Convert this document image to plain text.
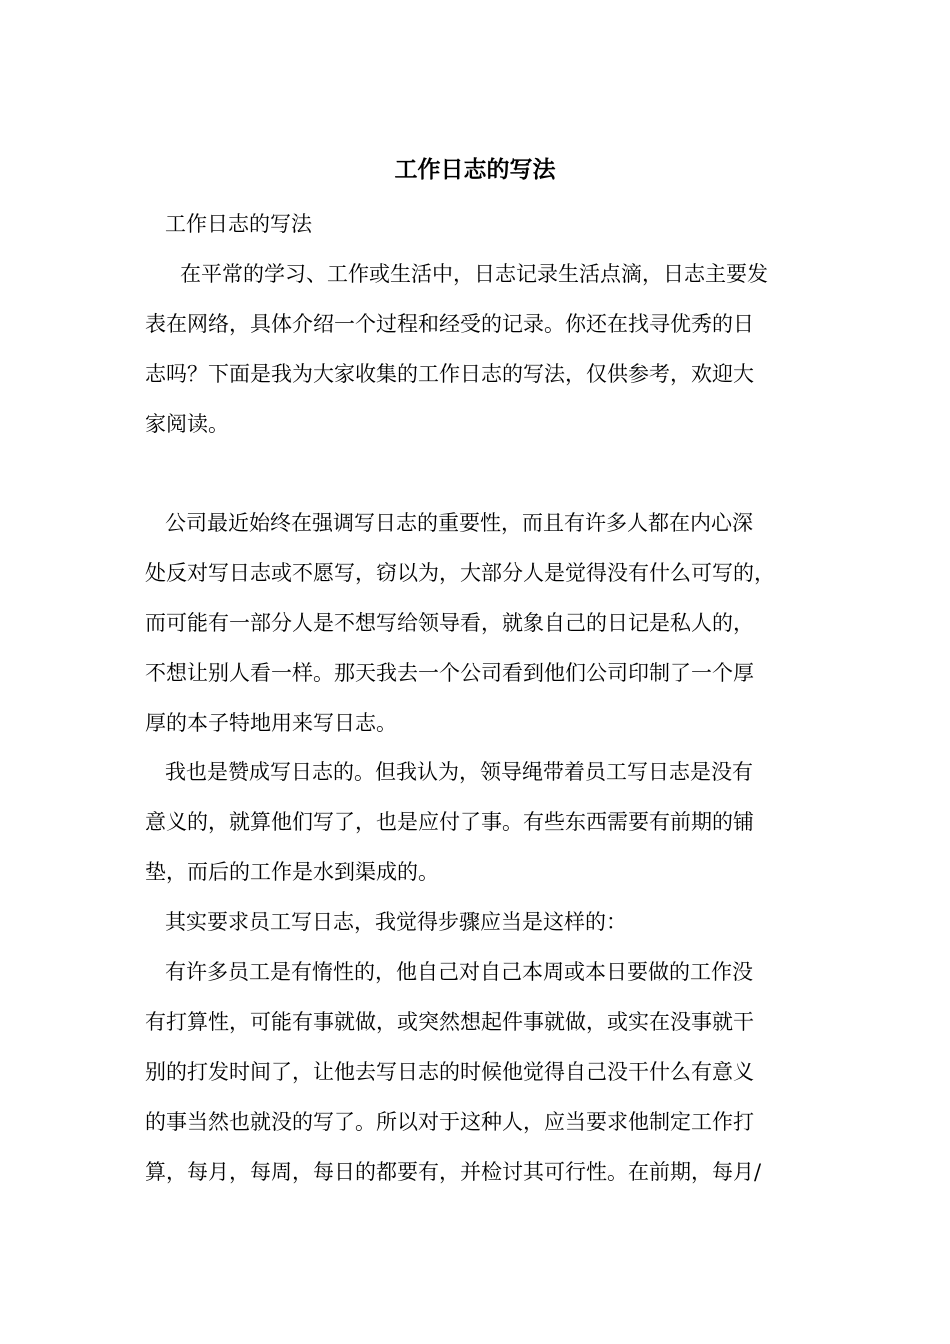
工作日志的写法
工作日志的写法
在平常的学习、工作或生活中，日志记录生活点滴，日志主要发
表在网络，具体介绍一个过程和经受的记录。你还在找寻优秀的日
志吗？下面是我为大家收集的工作日志的写法，仅供参考，欢迎大
家阅读。
公司最近始终在强调写日志的重要性，而且有许多人都在内心深
处反对写日志或不愿写，窃以为，大部分人是觉得没有什么可写的，
而可能有一部分人是不想写给领导看，就象自己的日记是私人的，
不想让别人看一样。那天我去一个公司看到他们公司印制了一个厚
厚的本子特地用来写日志。
我也是赞成写日志的。但我认为，领导绳带着员工写日志是没有
意义的，就算他们写了，也是应付了事。有些东西需要有前期的铺
垫，而后的工作是水到渠成的。
其实要求员工写日志，我觉得步骤应当是这样的：
有许多员工是有惰性的，他自己对自己本周或本日要做的工作没
有打算性，可能有事就做，或突然想起件事就做，或实在没事就干
别的打发时间了，让他去写日志的时候他觉得自己没干什么有意义
的事当然也就没的写了。所以对于这种人，应当要求他制定工作打
算，每月，每周，每日的都要有，并检讨其可行性。在前期，每月/
